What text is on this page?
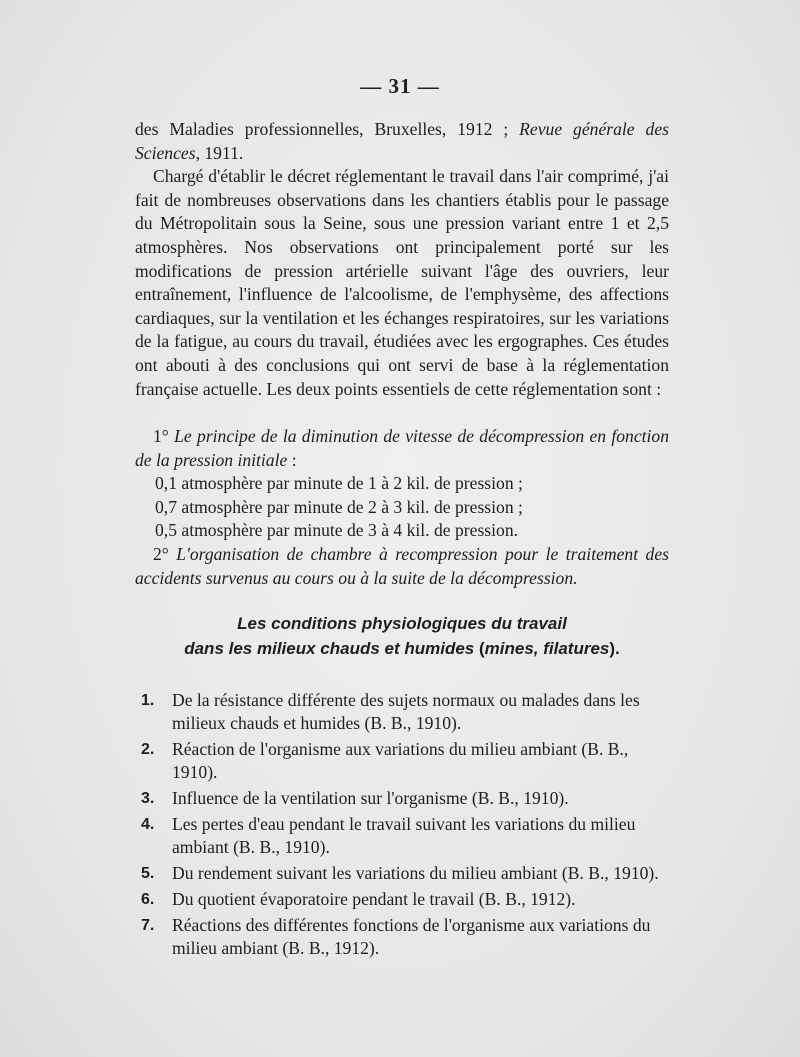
— 31 —

des Maladies professionnelles, Bruxelles, 1912 ; Revue générale des Sciences, 1911.

Chargé d'établir le décret réglementant le travail dans l'air comprimé, j'ai fait de nombreuses observations dans les chantiers établis pour le passage du Métropolitain sous la Seine, sous une pression variant entre 1 et 2,5 atmosphères. Nos observations ont principalement porté sur les modifications de pression artérielle suivant l'âge des ouvriers, leur entraînement, l'influence de l'alcoolisme, de l'emphysème, des affections cardiaques, sur la ventilation et les échanges respiratoires, sur les variations de la fatigue, au cours du travail, étudiées avec les ergographes. Ces études ont abouti à des conclusions qui ont servi de base à la réglementation française actuelle. Les deux points essentiels de cette réglementation sont :

1° Le principe de la diminution de vitesse de décompression en fonction de la pression initiale :

0,1 atmosphère par minute de 1 à 2 kil. de pression ;

0,7 atmosphère par minute de 2 à 3 kil. de pression ;

0,5 atmosphère par minute de 3 à 4 kil. de pression.

2° L'organisation de chambre à recompression pour le traitement des accidents survenus au cours ou à la suite de la décompression.

Les conditions physiologiques du travail
dans les milieux chauds et humides (mines, filatures).
1. De la résistance différente des sujets normaux ou malades dans les milieux chauds et humides (B. B., 1910).
2. Réaction de l'organisme aux variations du milieu ambiant (B. B., 1910).
3. Influence de la ventilation sur l'organisme (B. B., 1910).
4. Les pertes d'eau pendant le travail suivant les variations du milieu ambiant (B. B., 1910).
5. Du rendement suivant les variations du milieu ambiant (B. B., 1910).
6. Du quotient évaporatoire pendant le travail (B. B., 1912).
7. Réactions des différentes fonctions de l'organisme aux variations du milieu ambiant (B. B., 1912).
